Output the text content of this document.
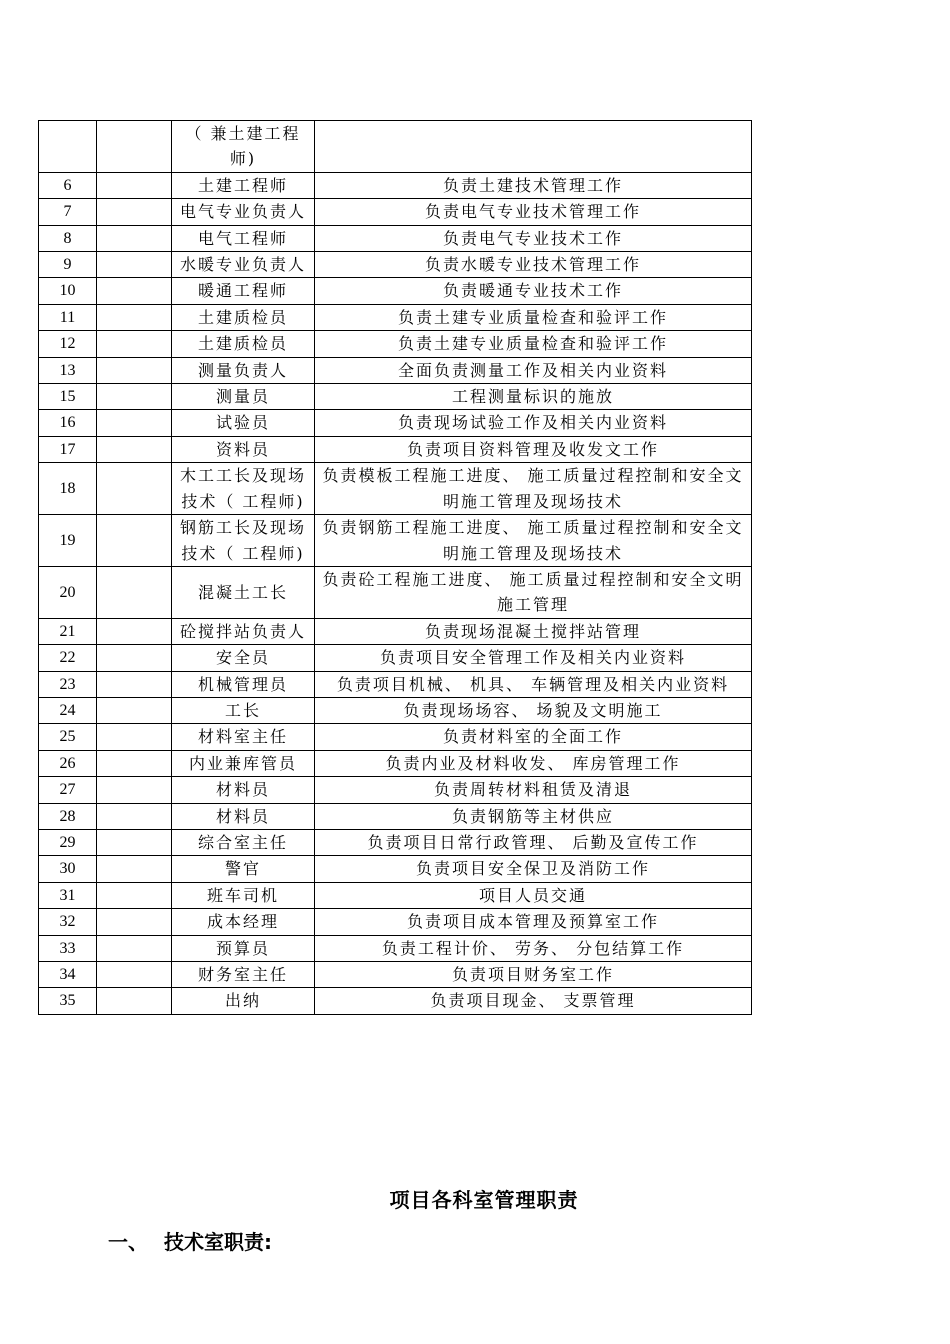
		（ 兼土建工程师)	
6		土建工程师	负责土建技术管理工作
7		电气专业负责人	负责电气专业技术管理工作
8		电气工程师	负责电气专业技术工作
9		水暖专业负责人	负责水暖专业技术管理工作
10		暖通工程师	负责暖通专业技术工作
11		土建质检员	负责土建专业质量检查和验评工作
12		土建质检员	负责土建专业质量检查和验评工作
13		测量负责人	全面负责测量工作及相关内业资料
15		测量员	工程测量标识的施放
16		试验员	负责现场试验工作及相关内业资料
17		资料员	负责项目资料管理及收发文工作
18		木工工长及现场技术（ 工程师)	负责模板工程施工进度、 施工质量过程控制和安全文明施工管理及现场技术
19		钢筋工长及现场技术（ 工程师)	负责钢筋工程施工进度、 施工质量过程控制和安全文明施工管理及现场技术
20		混凝土工长	负责砼工程施工进度、 施工质量过程控制和安全文明施工管理
21		砼搅拌站负责人	负责现场混凝土搅拌站管理
22		安全员	负责项目安全管理工作及相关内业资料
23		机械管理员	负责项目机械、 机具、 车辆管理及相关内业资料
24		工长	负责现场场容、 场貌及文明施工
25		材料室主任	负责材料室的全面工作
26		内业兼库管员	负责内业及材料收发、 库房管理工作
27		材料员	负责周转材料租赁及清退
28		材料员	负责钢筋等主材供应
29		综合室主任	负责项目日常行政管理、 后勤及宣传工作
30		警官	负责项目安全保卫及消防工作
31		班车司机	项目人员交通
32		成本经理	负责项目成本管理及预算室工作
33		预算员	负责工程计价、 劳务、 分包结算工作
34		财务室主任	负责项目财务室工作
35		出纳	负责项目现金、 支票管理
项目各科室管理职责
一、 技术室职责:
